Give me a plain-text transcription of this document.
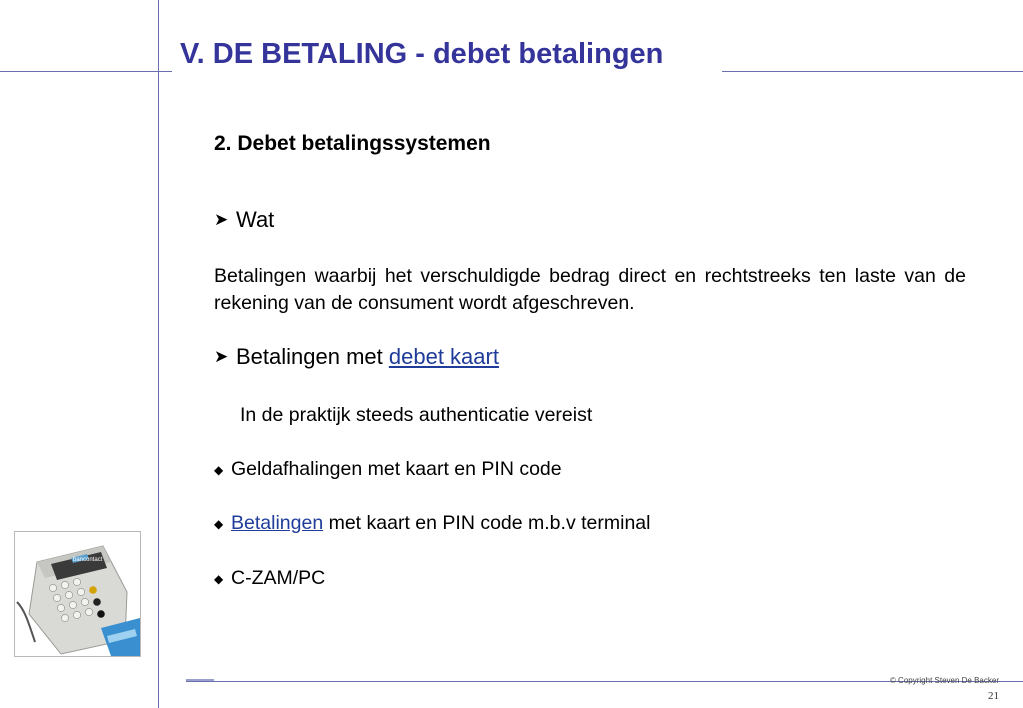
V. DE BETALING - debet betalingen
2. Debet betalingssystemen
➤ Wat
Betalingen waarbij het verschuldigde bedrag direct en rechtstreeks ten laste van de rekening van de consument wordt afgeschreven.
➤ Betalingen met debet kaart
In de praktijk steeds authenticatie vereist
◆ Geldafhalingen met kaart en PIN code
◆ Betalingen met kaart en PIN code m.b.v terminal
◆ C-ZAM/PC
bancontact
© Copyright Steven De Backer
21
